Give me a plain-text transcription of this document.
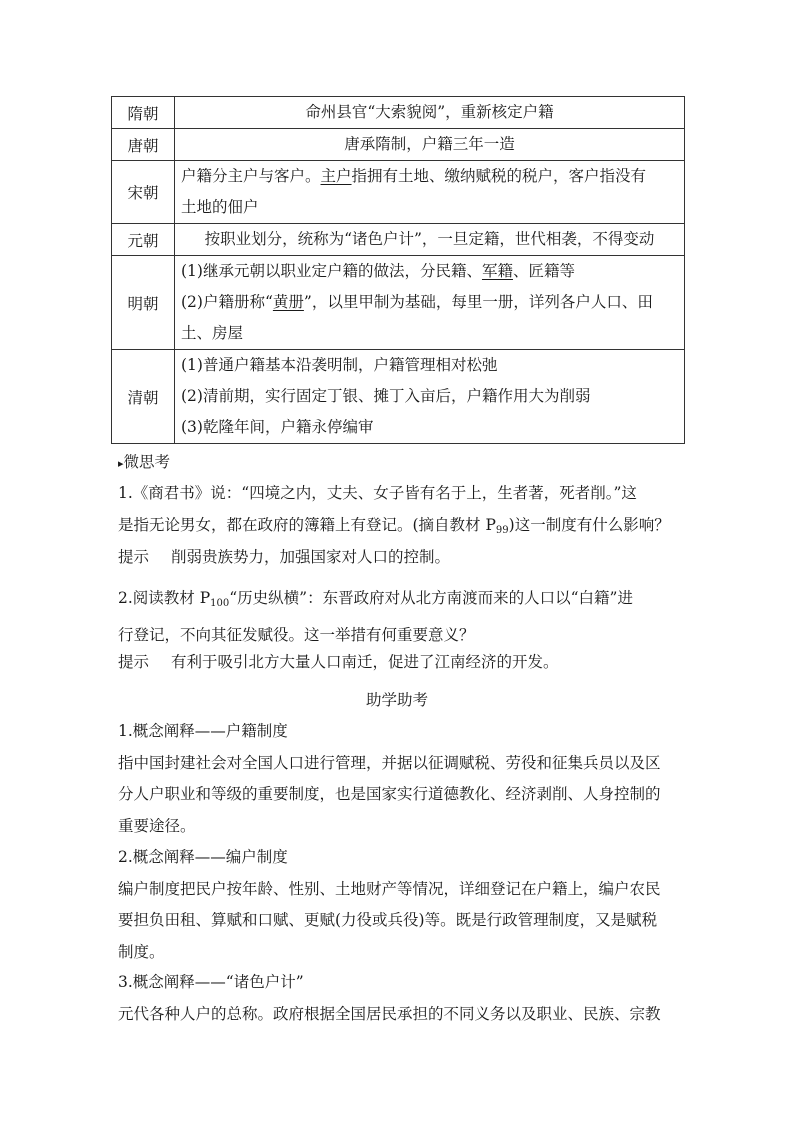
隋朝	命州县官“大索貌阅”，重新核定户籍
唐朝	唐承隋制，户籍三年一造
宋朝	户籍分主户与客户。主户指拥有土地、缴纳赋税的税户，客户指没有
土地的佃户

元朝	按职业划分，统称为“诸色户计”，一旦定籍，世代相袭，不得变动
明朝	(1)继承元朝以职业定户籍的做法，分民籍、军籍、匠籍等
(2)户籍册称“黄册”，以里甲制为基础，每里一册，详列各户人口、田
土、房屋

清朝	(1)普通户籍基本沿袭明制，户籍管理相对松弛
(2)清前期，实行固定丁银、摊丁入亩后，户籍作用大为削弱
(3)乾隆年间，户籍永停编审
▸微思考
1.《商君书》说：“四境之内，丈夫、女子皆有名于上，生者著，死者削。”这
是指无论男女，都在政府的簿籍上有登记。(摘自教材 $P_{99}$)这一制度有什么影响？
提示 削弱贵族势力，加强国家对人口的控制。
2.阅读教材 $P_{100}“$历史纵横”：东晋政府对从北方南渡而来的人口以“白籍”进
行登记，不向其征发赋役。这一举措有何重要意义？
提示 有利于吸引北方大量人口南迁，促进了江南经济的开发。
助学助考
1.概念阐释——户籍制度
指中国封建社会对全国人口进行管理，并据以征调赋税、劳役和征集兵员以及区
分人户职业和等级的重要制度，也是国家实行道德教化、经济剥削、人身控制的
重要途径。
2.概念阐释——编户制度
编户制度把民户按年龄、性别、土地财产等情况，详细登记在户籍上，编户农民
要担负田租、算赋和口赋、更赋(力役或兵役)等。既是行政管理制度，又是赋税
制度。
3.概念阐释——“诸色户计”
元代各种人户的总称。政府根据全国居民承担的不同义务以及职业、民族、宗教
